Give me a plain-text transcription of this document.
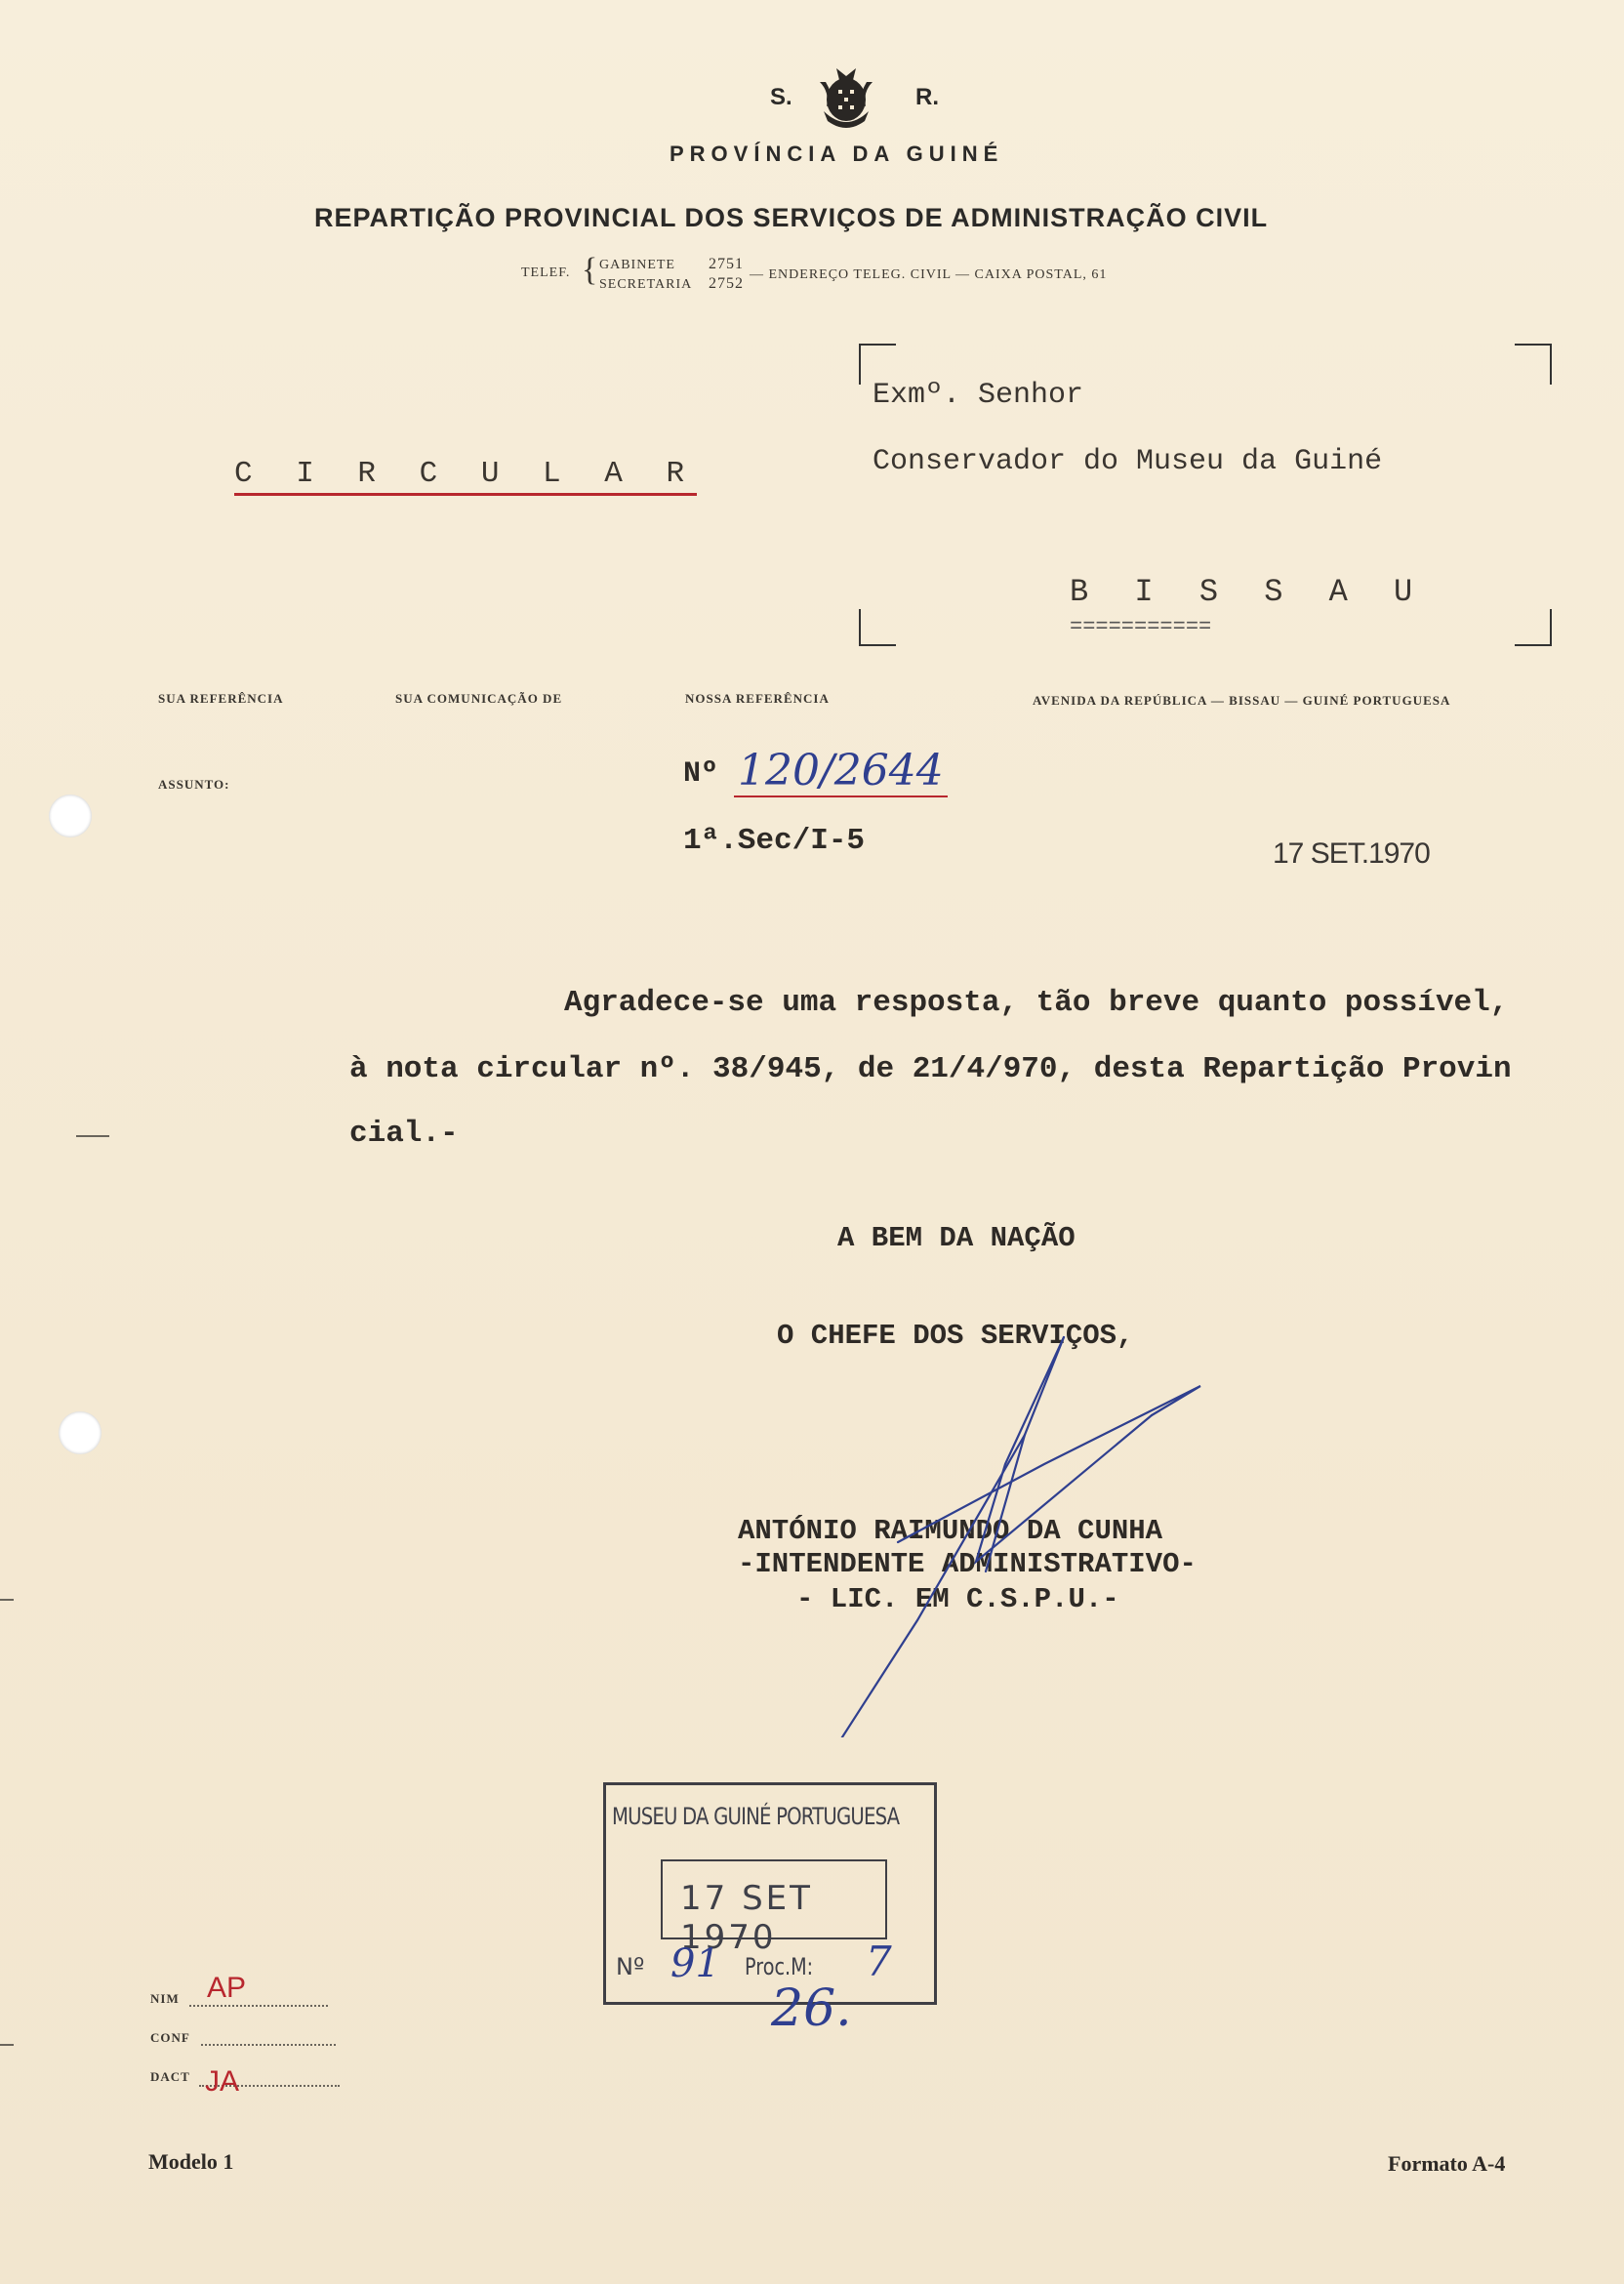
S.	R.
PROVÍNCIA DA GUINÉ
REPARTIÇÃO PROVINCIAL DOS SERVIÇOS DE ADMINISTRAÇÃO CIVIL
TELEF. { GABINETE 2751
SECRETARIA 2752
— ENDEREÇO TELEG. CIVIL — CAIXA POSTAL, 61
Exmº. Senhor
Conservador do Museu da Guiné
C I R C U L A R
B I S S A U
===========
SUA REFERÊNCIA	SUA COMUNICAÇÃO DE	NOSSA REFERÊNCIA	AVENIDA DA REPÚBLICA — BISSAU — GUINÉ PORTUGUESA
ASSUNTO:	Nº 120/2644
1ª.Sec/I-5	17 SET.1970
Agradece-se uma resposta, tão breve quanto possível,
à nota circular nº. 38/945, de 21/4/970, desta Repartição Provin
cial.-
A BEM DA NAÇÃO
O CHEFE DOS SERVIÇOS,
ANTÓNIO RAIMUNDO DA CUNHA
-INTENDENTE ADMINISTRATIVO-
- LIC. EM C.S.P.U.-
MUSEU DA GUINÉ PORTUGUESA
17 SET 1970
Nº 91 Proc.M: 7
26.
NIM AP
CONF
DACT JA
Modelo 1	Formato A-4
